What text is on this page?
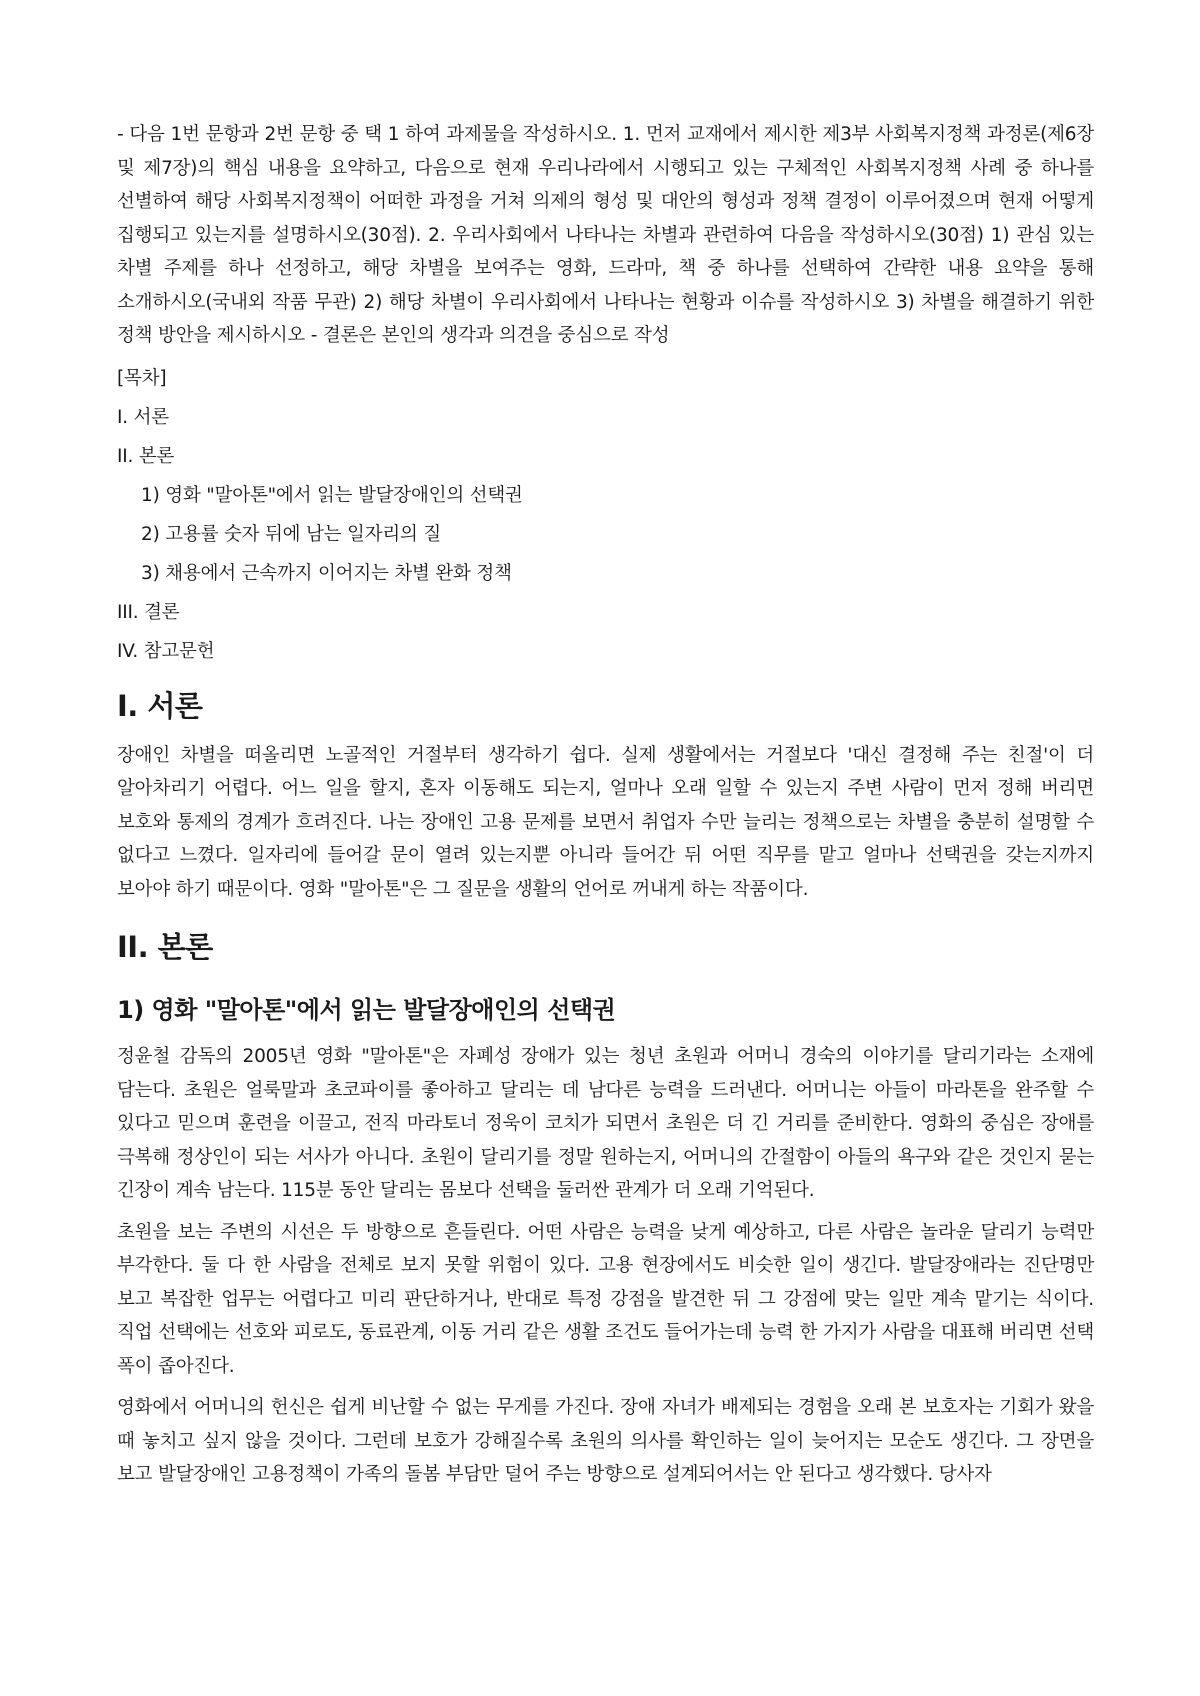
- 다음 1번 문항과 2번 문항 중 택 1 하여 과제물을 작성하시오. 1. 먼저 교재에서 제시한 제3부 사회복지정책 과정론(제6장 및 제7장)의 핵심 내용을 요약하고, 다음으로 현재 우리나라에서 시행되고 있는 구체적인 사회복지정책 사례 중 하나를 선별하여 해당 사회복지정책이 어떠한 과정을 거쳐 의제의 형성 및 대안의 형성과 정책 결정이 이루어졌으며 현재 어떻게 집행되고 있는지를 설명하시오(30점). 2. 우리사회에서 나타나는 차별과 관련하여 다음을 작성하시오(30점) 1) 관심 있는 차별 주제를 하나 선정하고, 해당 차별을 보여주는 영화, 드라마, 책 중 하나를 선택하여 간략한 내용 요약을 통해 소개하시오(국내외 작품 무관) 2) 해당 차별이 우리사회에서 나타나는 현황과 이슈를 작성하시오 3) 차별을 해결하기 위한 정책 방안을 제시하시오 - 결론은 본인의 생각과 의견을 중심으로 작성

[목차]
I. 서론
II. 본론
1) 영화 "말아톤"에서 읽는 발달장애인의 선택권
2) 고용률 숫자 뒤에 남는 일자리의 질
3) 채용에서 근속까지 이어지는 차별 완화 정책
III. 결론
IV. 참고문헌
I. 서론

장애인 차별을 떠올리면 노골적인 거절부터 생각하기 쉽다. 실제 생활에서는 거절보다 '대신 결정해 주는 친절'이 더 알아차리기 어렵다. 어느 일을 할지, 혼자 이동해도 되는지, 얼마나 오래 일할 수 있는지 주변 사람이 먼저 정해 버리면 보호와 통제의 경계가 흐려진다. 나는 장애인 고용 문제를 보면서 취업자 수만 늘리는 정책으로는 차별을 충분히 설명할 수 없다고 느꼈다. 일자리에 들어갈 문이 열려 있는지뿐 아니라 들어간 뒤 어떤 직무를 맡고 얼마나 선택권을 갖는지까지 보아야 하기 때문이다. 영화 "말아톤"은 그 질문을 생활의 언어로 꺼내게 하는 작품이다.

II. 본론
1) 영화 "말아톤"에서 읽는 발달장애인의 선택권

정윤철 감독의 2005년 영화 "말아톤"은 자폐성 장애가 있는 청년 초원과 어머니 경숙의 이야기를 달리기라는 소재에 담는다. 초원은 얼룩말과 초코파이를 좋아하고 달리는 데 남다른 능력을 드러낸다. 어머니는 아들이 마라톤을 완주할 수 있다고 믿으며 훈련을 이끌고, 전직 마라토너 정욱이 코치가 되면서 초원은 더 긴 거리를 준비한다. 영화의 중심은 장애를 극복해 정상인이 되는 서사가 아니다. 초원이 달리기를 정말 원하는지, 어머니의 간절함이 아들의 욕구와 같은 것인지 묻는 긴장이 계속 남는다. 115분 동안 달리는 몸보다 선택을 둘러싼 관계가 더 오래 기억된다.

초원을 보는 주변의 시선은 두 방향으로 흔들린다. 어떤 사람은 능력을 낮게 예상하고, 다른 사람은 놀라운 달리기 능력만 부각한다. 둘 다 한 사람을 전체로 보지 못할 위험이 있다. 고용 현장에서도 비슷한 일이 생긴다. 발달장애라는 진단명만 보고 복잡한 업무는 어렵다고 미리 판단하거나, 반대로 특정 강점을 발견한 뒤 그 강점에 맞는 일만 계속 맡기는 식이다. 직업 선택에는 선호와 피로도, 동료관계, 이동 거리 같은 생활 조건도 들어가는데 능력 한 가지가 사람을 대표해 버리면 선택 폭이 좁아진다.

영화에서 어머니의 헌신은 쉽게 비난할 수 없는 무게를 가진다. 장애 자녀가 배제되는 경험을 오래 본 보호자는 기회가 왔을 때 놓치고 싶지 않을 것이다. 그런데 보호가 강해질수록 초원의 의사를 확인하는 일이 늦어지는 모순도 생긴다. 그 장면을 보고 발달장애인 고용정책이 가족의 돌봄 부담만 덜어 주는 방향으로 설계되어서는 안 된다고 생각했다. 당사자
